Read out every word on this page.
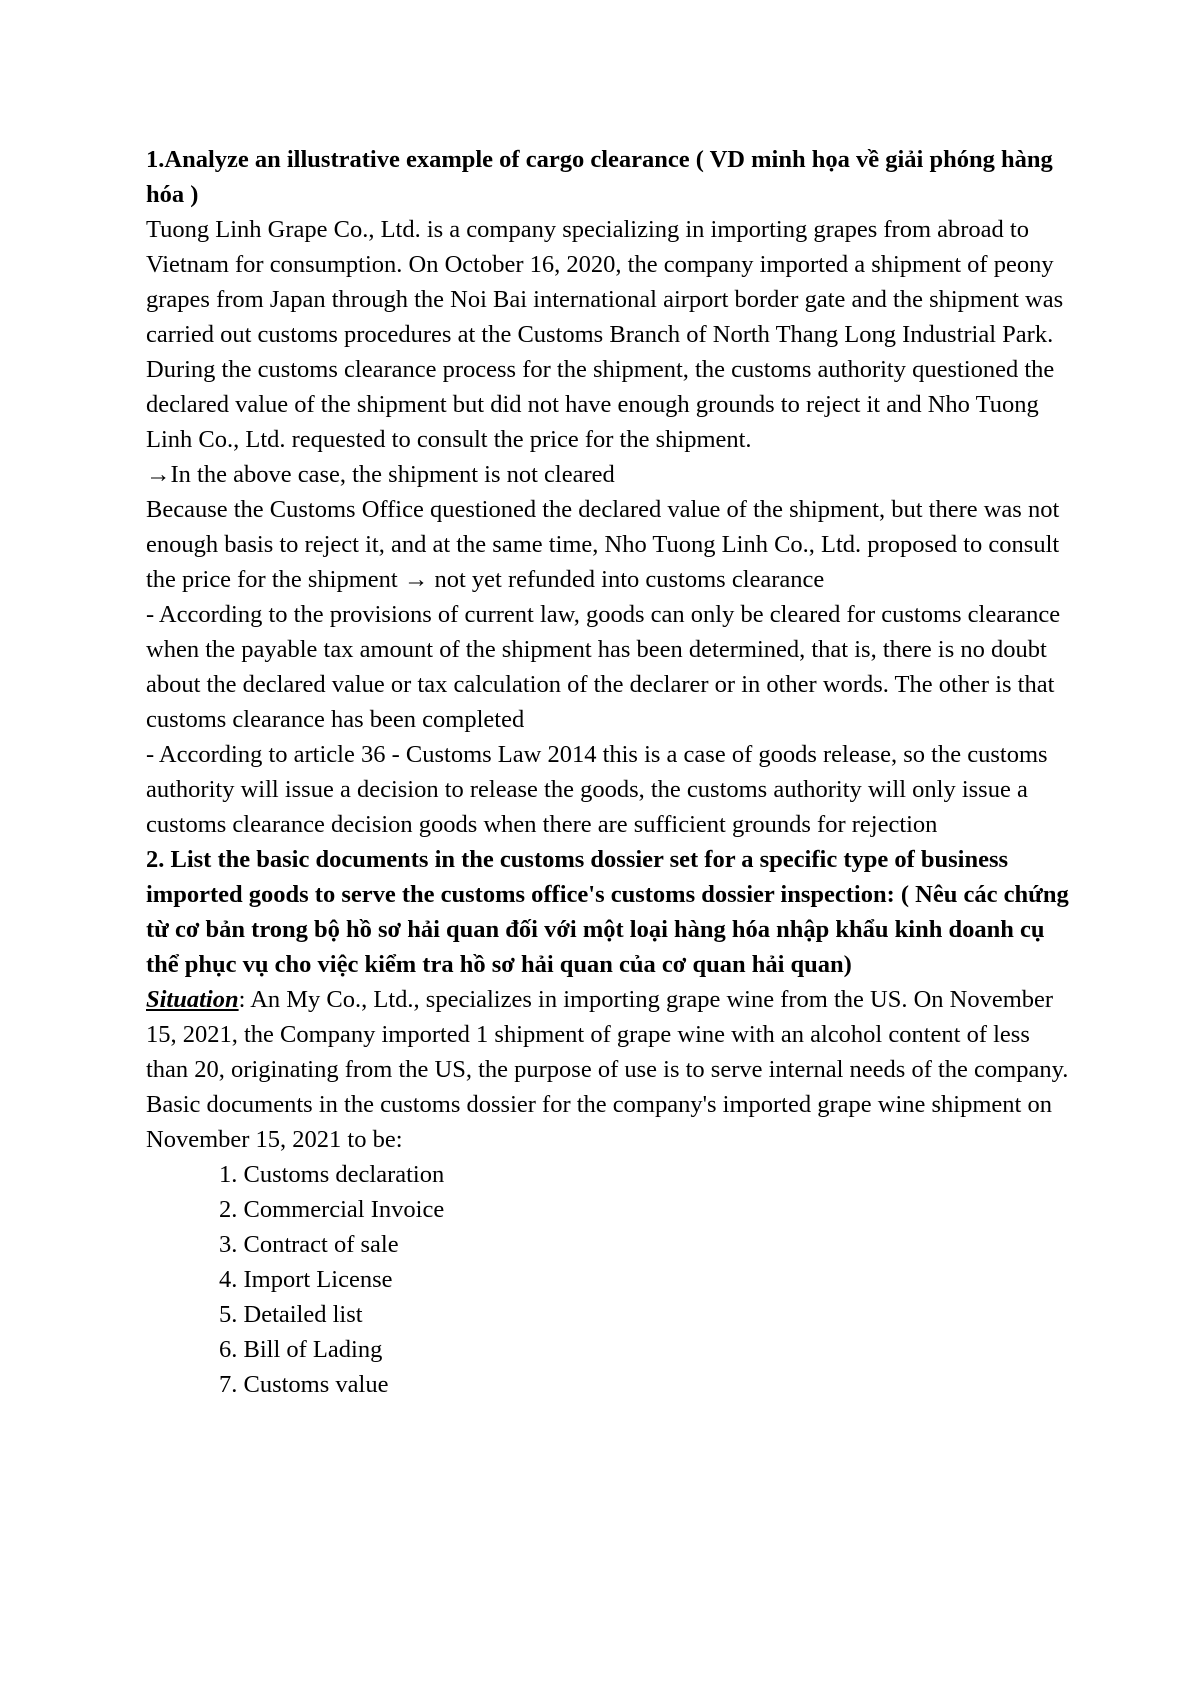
1.Analyze an illustrative example of cargo clearance ( VD minh họa về giải phóng hàng hóa )

Tuong Linh Grape Co., Ltd. is a company specializing in importing grapes from abroad to Vietnam for consumption. On October 16, 2020, the company imported a shipment of peony grapes from Japan through the Noi Bai international airport border gate and the shipment was carried out customs procedures at the Customs Branch of North Thang Long Industrial Park. During the customs clearance process for the shipment, the customs authority questioned the declared value of the shipment but did not have enough grounds to reject it and Nho Tuong Linh Co., Ltd. requested to consult the price for the shipment.

→In the above case, the shipment is not cleared

Because the Customs Office questioned the declared value of the shipment, but there was not enough basis to reject it, and at the same time, Nho Tuong Linh Co., Ltd. proposed to consult the price for the shipment → not yet refunded into customs clearance

- According to the provisions of current law, goods can only be cleared for customs clearance when the payable tax amount of the shipment has been determined, that is, there is no doubt about the declared value or tax calculation of the declarer or in other words. The other is that customs clearance has been completed

- According to article 36 - Customs Law 2014 this is a case of goods release, so the customs authority will issue a decision to release the goods, the customs authority will only issue a customs clearance decision goods when there are sufficient grounds for rejection

2. List the basic documents in the customs dossier set for a specific type of business imported goods to serve the customs office's customs dossier inspection: ( Nêu các chứng từ cơ bản trong bộ hồ sơ hải quan đối với một loại hàng hóa nhập khẩu kinh doanh cụ thể phục vụ cho việc kiểm tra hồ sơ hải quan của cơ quan hải quan)

Situation: An My Co., Ltd., specializes in importing grape wine from the US. On November 15, 2021, the Company imported 1 shipment of grape wine with an alcohol content of less than 20, originating from the US, the purpose of use is to serve internal needs of the company. Basic documents in the customs dossier for the company's imported grape wine shipment on November 15, 2021 to be:

1. Customs declaration
2. Commercial Invoice
3. Contract of sale
4. Import License
5. Detailed list
6. Bill of Lading
7. Customs value
